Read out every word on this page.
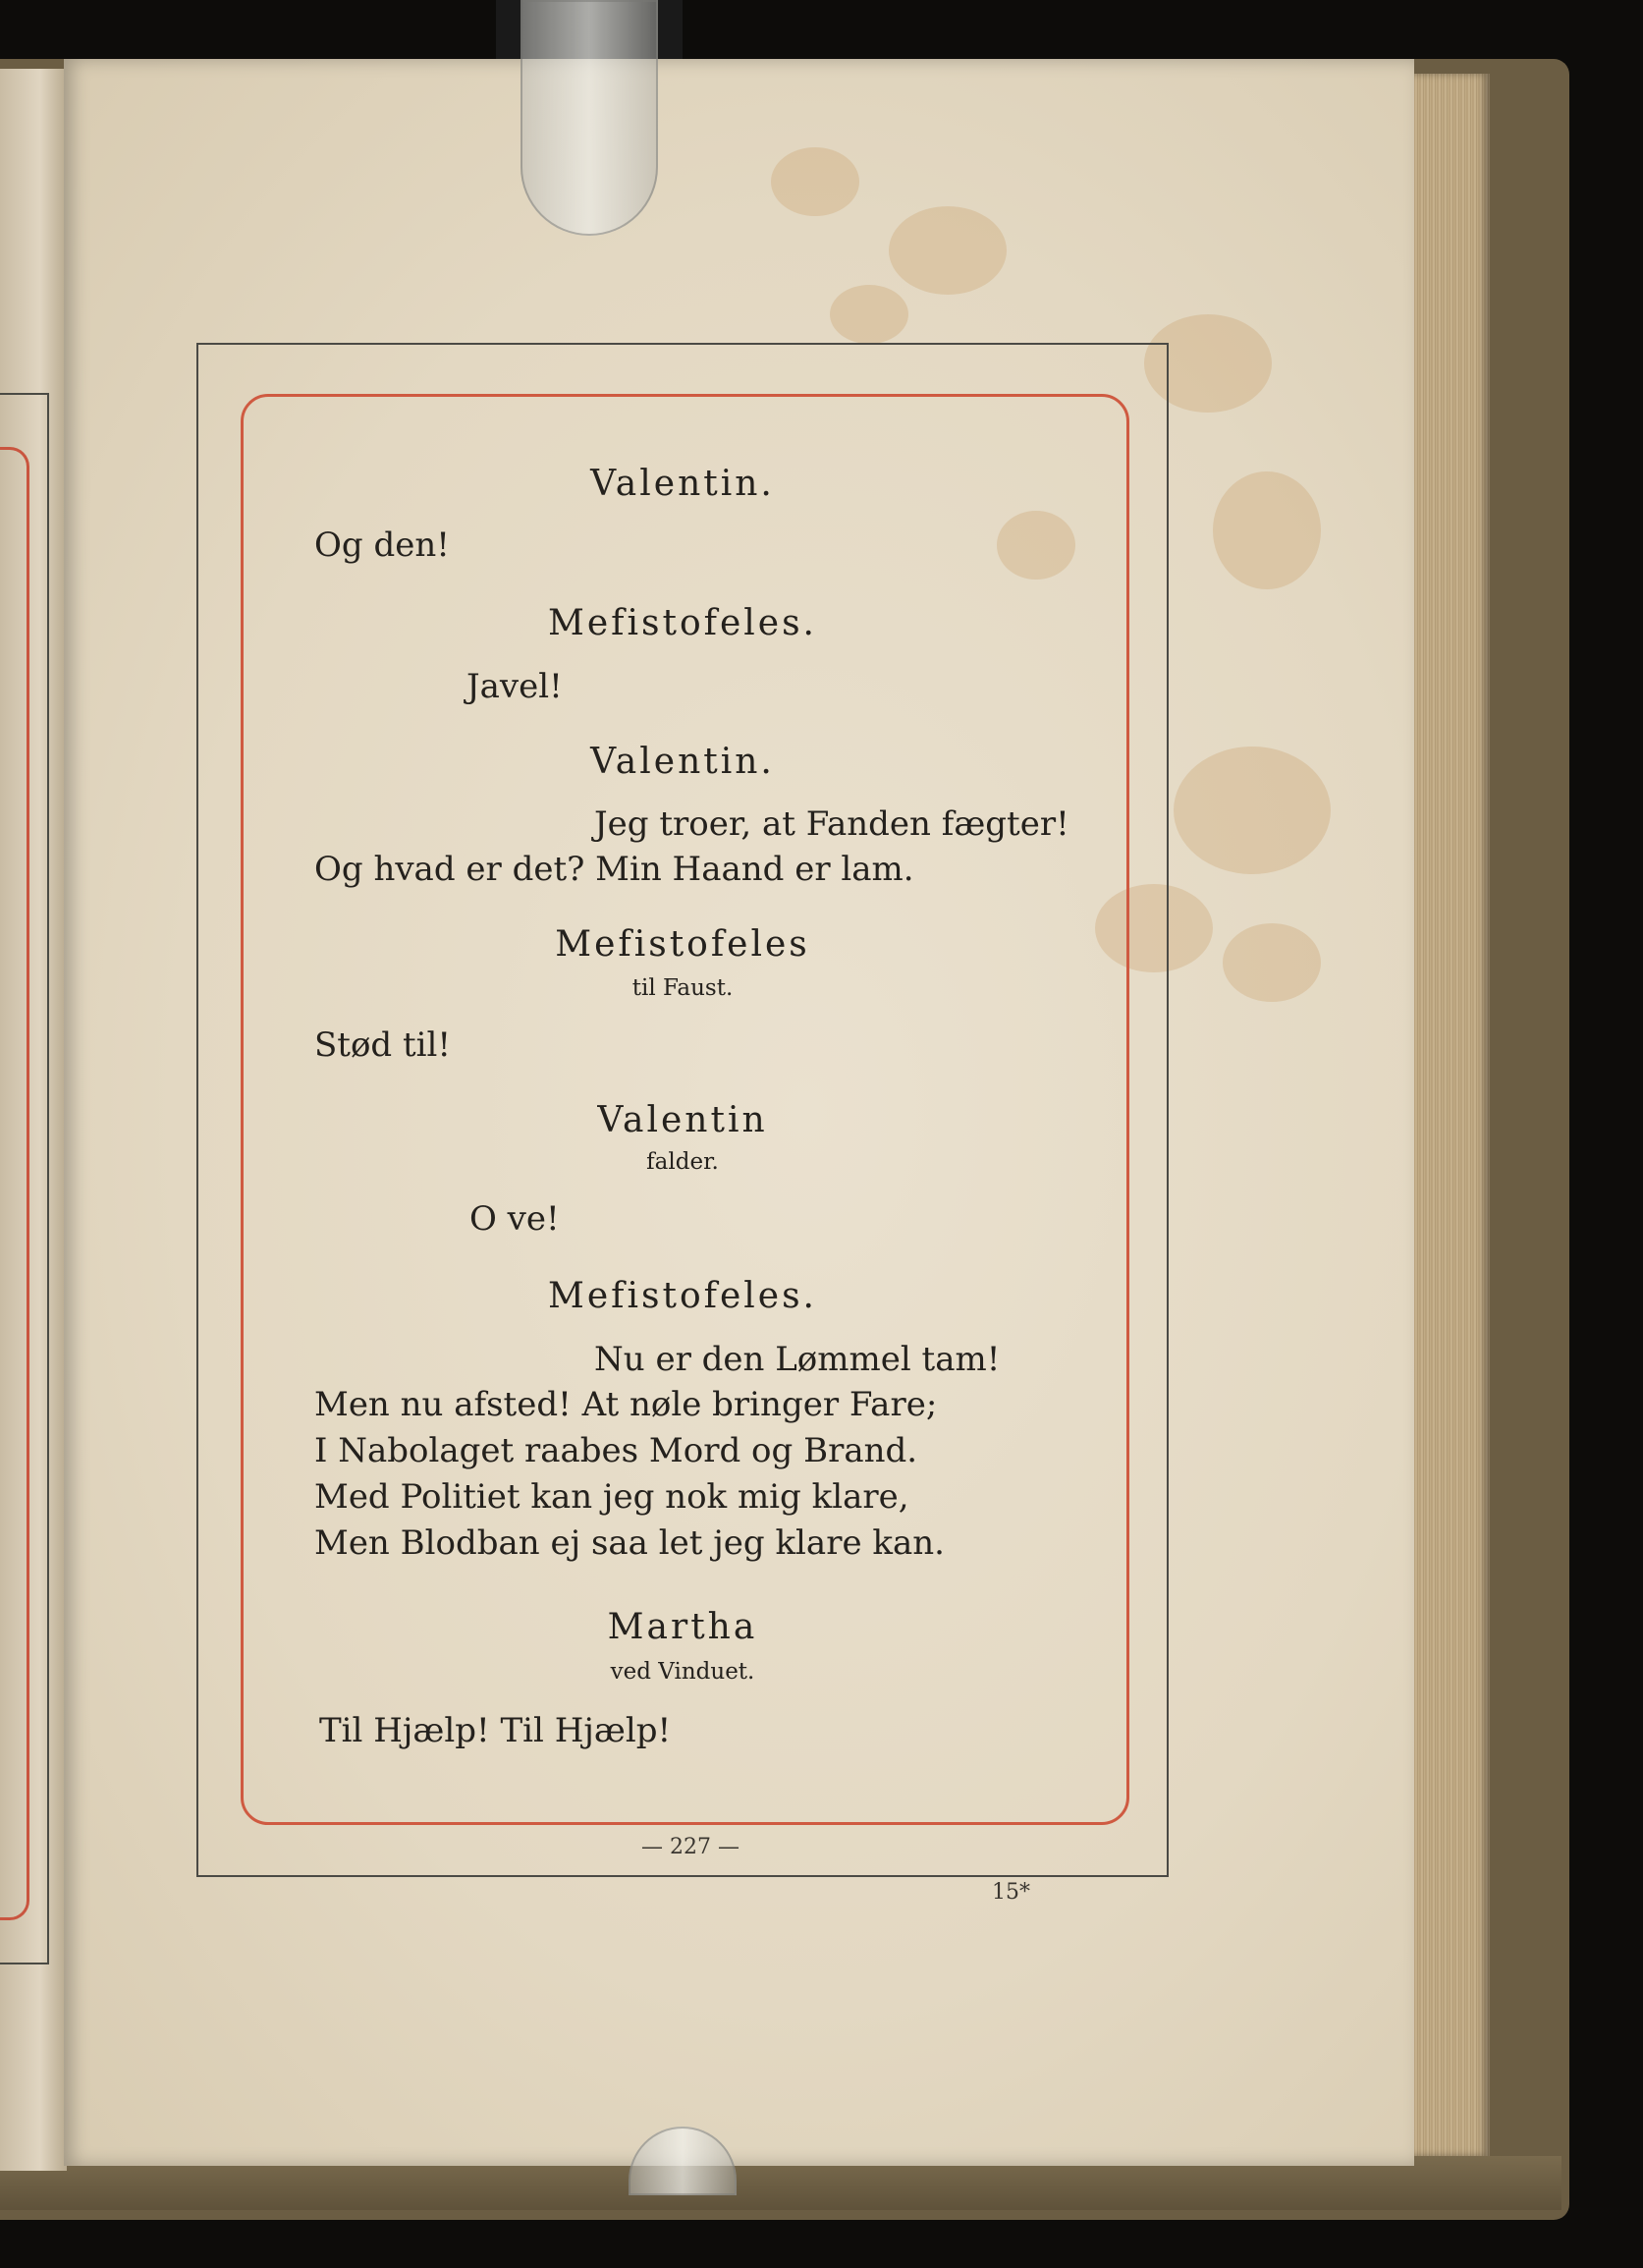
Valentin.
Og den!
Mefistofeles.
Javel!
Valentin.
Jeg troer, at Fanden fægter!
Og hvad er det? Min Haand er lam.
Mefistofeles
til Faust.
Stød til!
Valentin
falder.
O ve!
Mefistofeles.
Nu er den Lømmel tam!
Men nu afsted! At nøle bringer Fare;
I Nabolaget raabes Mord og Brand.
Med Politiet kan jeg nok mig klare,
Men Blodban ej saa let jeg klare kan.
Martha
ved Vinduet.
Til Hjælp! Til Hjælp!
— 227 —
15*
